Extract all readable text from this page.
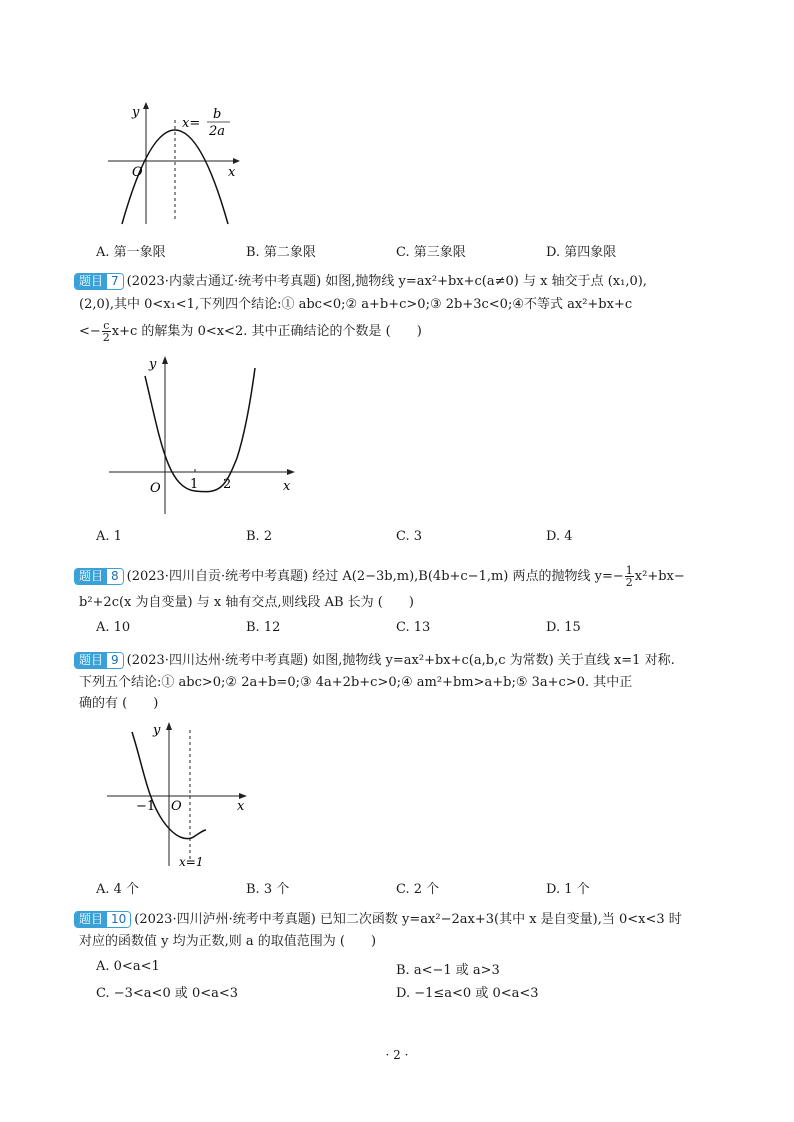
y
x
O
x=
b
2a
A. 第一象限	B. 第二象限	C. 第三象限	D. 第四象限
题目 7 (2023·内蒙古通辽·统考中考真题) 如图,抛物线 y=ax²+bx+c(a≠0) 与 x 轴交于点 (x₁,0),
(2,0),其中 0<x₁<1,下列四个结论:① abc<0;② a+b+c>0;③ 2b+3c<0;④不等式 ax²+bx+c
<− $\frac{c}{2} x+c$ 的解集为 0<x<2. 其中正确结论的个数是 (　　)
y
x
O 1 2
A. 1	B. 2	C. 3	D. 4
题目 8 (2023·四川自贡·统考中考真题) 经过 A(2−3b,m),B(4b+c−1,m) 两点的抛物线 $y=- \frac{1}{2} x^2+bx-$
b²+2c(x 为自变量) 与 x 轴有交点,则线段 AB 长为 (　　)
A. 10	B. 12	C. 13	D. 15
题目 9 (2023·四川达州·统考中考真题) 如图,抛物线 y=ax²+bx+c(a,b,c 为常数) 关于直线 x=1 对称.
下列五个结论:① abc>0;② 2a+b=0;③ 4a+2b+c>0;④ am²+bm>a+b;⑤ 3a+c>0. 其中正
确的有 (　　)
y
x
O
−1
x=1
A. 4 个	B. 3 个	C. 2 个	D. 1 个
题目 10 (2023·四川泸州·统考中考真题) 已知二次函数 y=ax²−2ax+3(其中 x 是自变量),当 0<x<3 时
对应的函数值 y 均为正数,则 a 的取值范围为 (　　)
A. 0<a<1	B. a<−1 或 a>3
C. −3<a<0 或 0<a<3	D. −1≤a<0 或 0<a<3
· 2 ·
